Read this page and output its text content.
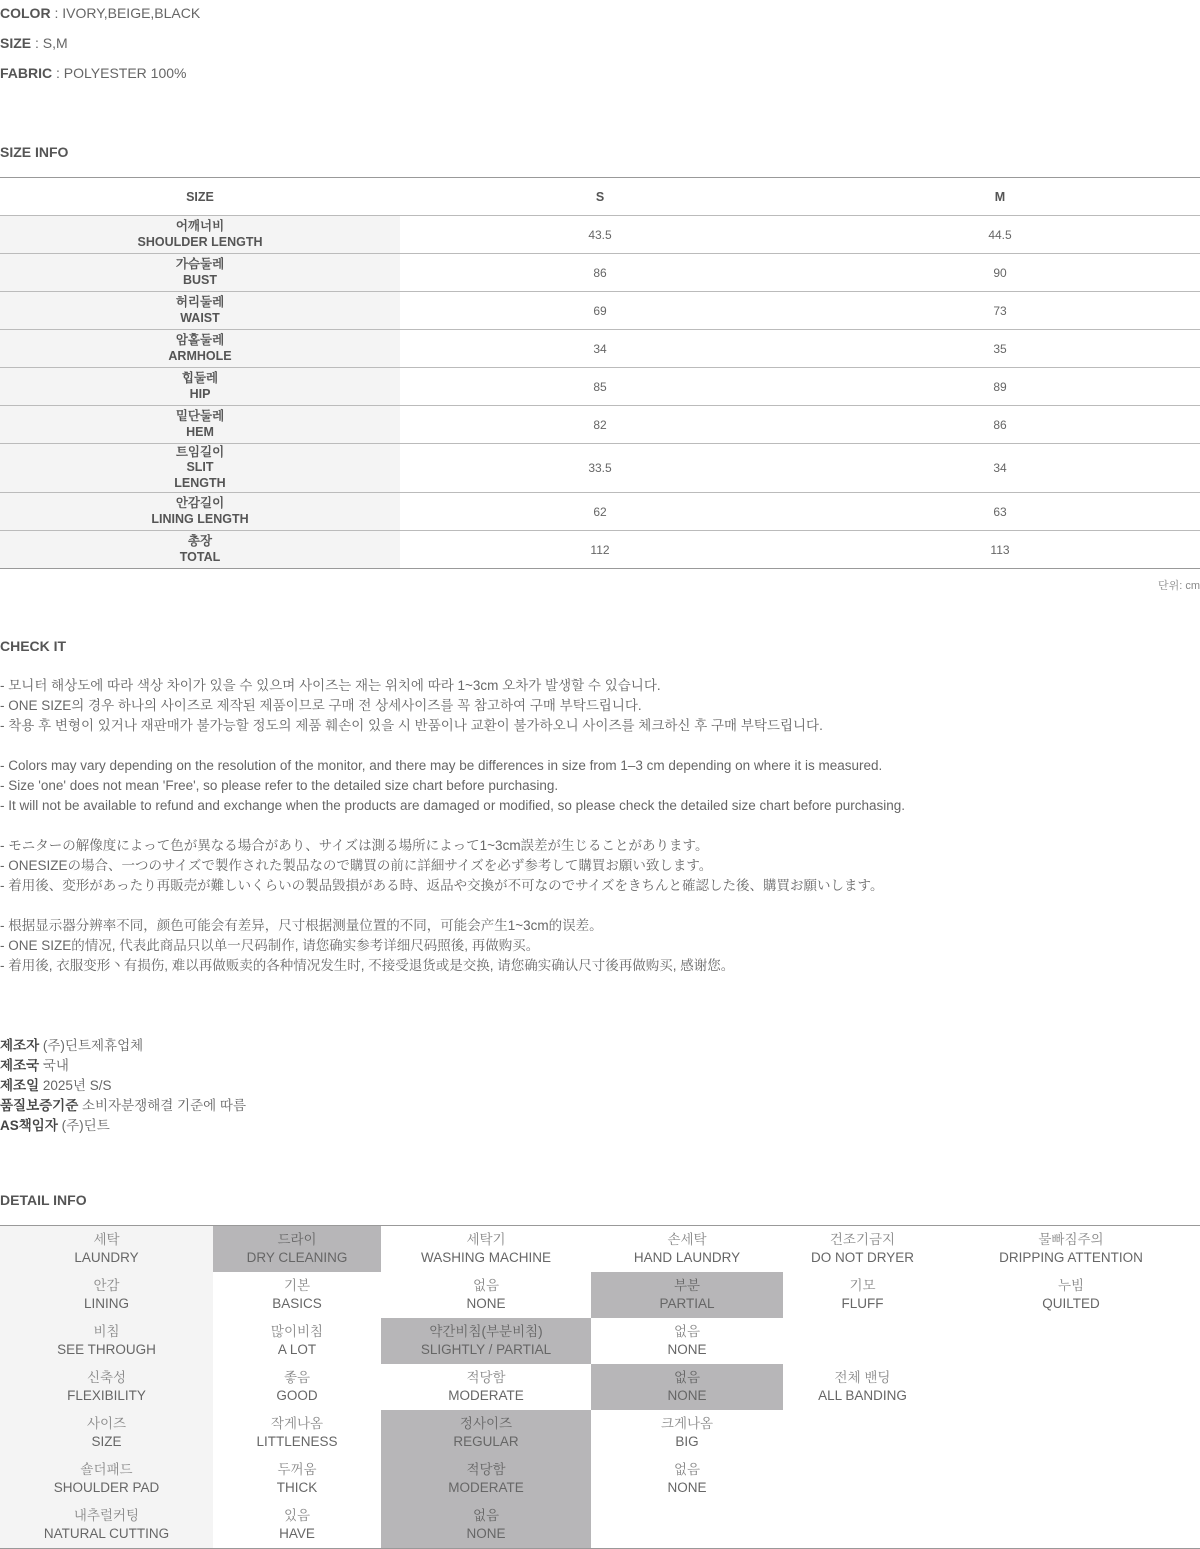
COLOR : IVORY,BEIGE,BLACK
SIZE : S,M
FABRIC : POLYESTER 100%
SIZE INFO
SIZE	S	M

어깨너비
SHOULDER LENGTH	43.5	44.5

가슴둘레
BUST	86	90

허리둘레
WAIST	69	73

암홀둘레
ARMHOLE	34	35

힙둘레
HIP	85	89

밑단둘레
HEM	82	86

트임길이
SLIT
LENGTH	33.5	34

안감길이
LINING LENGTH	62	63

총장
TOTAL	112	113
단위: cm
CHECK IT
- 모니터 해상도에 따라 색상 차이가 있을 수 있으며 사이즈는 재는 위치에 따라 1~3cm 오차가 발생할 수 있습니다.
- ONE SIZE의 경우 하나의 사이즈로 제작된 제품이므로 구매 전 상세사이즈를 꼭 참고하여 구매 부탁드립니다.
- 착용 후 변형이 있거나 재판매가 불가능할 정도의 제품 훼손이 있을 시 반품이나 교환이 불가하오니 사이즈를 체크하신 후 구매 부탁드립니다.
- Colors may vary depending on the resolution of the monitor, and there may be differences in size from 1–3 cm depending on where it is measured.
- Size 'one' does not mean 'Free', so please refer to the detailed size chart before purchasing.
- It will not be available to refund and exchange when the products are damaged or modified, so please check the detailed size chart before purchasing.
- モニターの解像度によって色が異なる場合があり、サイズは測る場所によって1~3cm誤差が生じることがあります。
- ONESIZEの場合、一つのサイズで製作された製品なので購買の前に詳細サイズを必ず参考して購買お願い致します。
- 着用後、変形があったり再販売が難しいくらいの製品毀損がある時、返品や交換が不可なのでサイズをきちんと確認した後、購買お願いします。
- 根据显示器分辨率不同，颜色可能会有差异，尺寸根据测量位置的不同，可能会产生1~3cm的误差。
- ONE SIZE的情况, 代表此商品只以单一尺码制作, 请您确实参考详细尺码照後, 再做购买。
- 着用後, 衣服变形丶有损伤, 难以再做贩卖的各种情况发生时, 不接受退货或是交换, 请您确实确认尺寸後再做购买, 感谢您。
제조자 (주)딘트제휴업체
제조국 국내
제조일 2025년 S/S
품질보증기준 소비자분쟁해결 기준에 따름
AS책임자 (주)딘트
DETAIL INFO
세탁
LAUNDRY	드라이
DRY CLEANING	세탁기
WASHING MACHINE	손세탁
HAND LAUNDRY	건조기금지
DO NOT DRYER	물빠짐주의
DRIPPING ATTENTION

안감
LINING	기본
BASICS	없음
NONE	부분
PARTIAL	기모
FLUFF	누빔
QUILTED

비침
SEE THROUGH	많이비침
A LOT	약간비침(부분비침)
SLIGHTLY / PARTIAL	없음
NONE		

신축성
FLEXIBILITY	좋음
GOOD	적당함
MODERATE	없음
NONE	전체 밴딩
ALL BANDING	

사이즈
SIZE	작게나옴
LITTLENESS	정사이즈
REGULAR	크게나옴
BIG		

숄더패드
SHOULDER PAD	두꺼움
THICK	적당함
MODERATE	없음
NONE		

내추럴커팅
NATURAL CUTTING	있음
HAVE	없음
NONE			
